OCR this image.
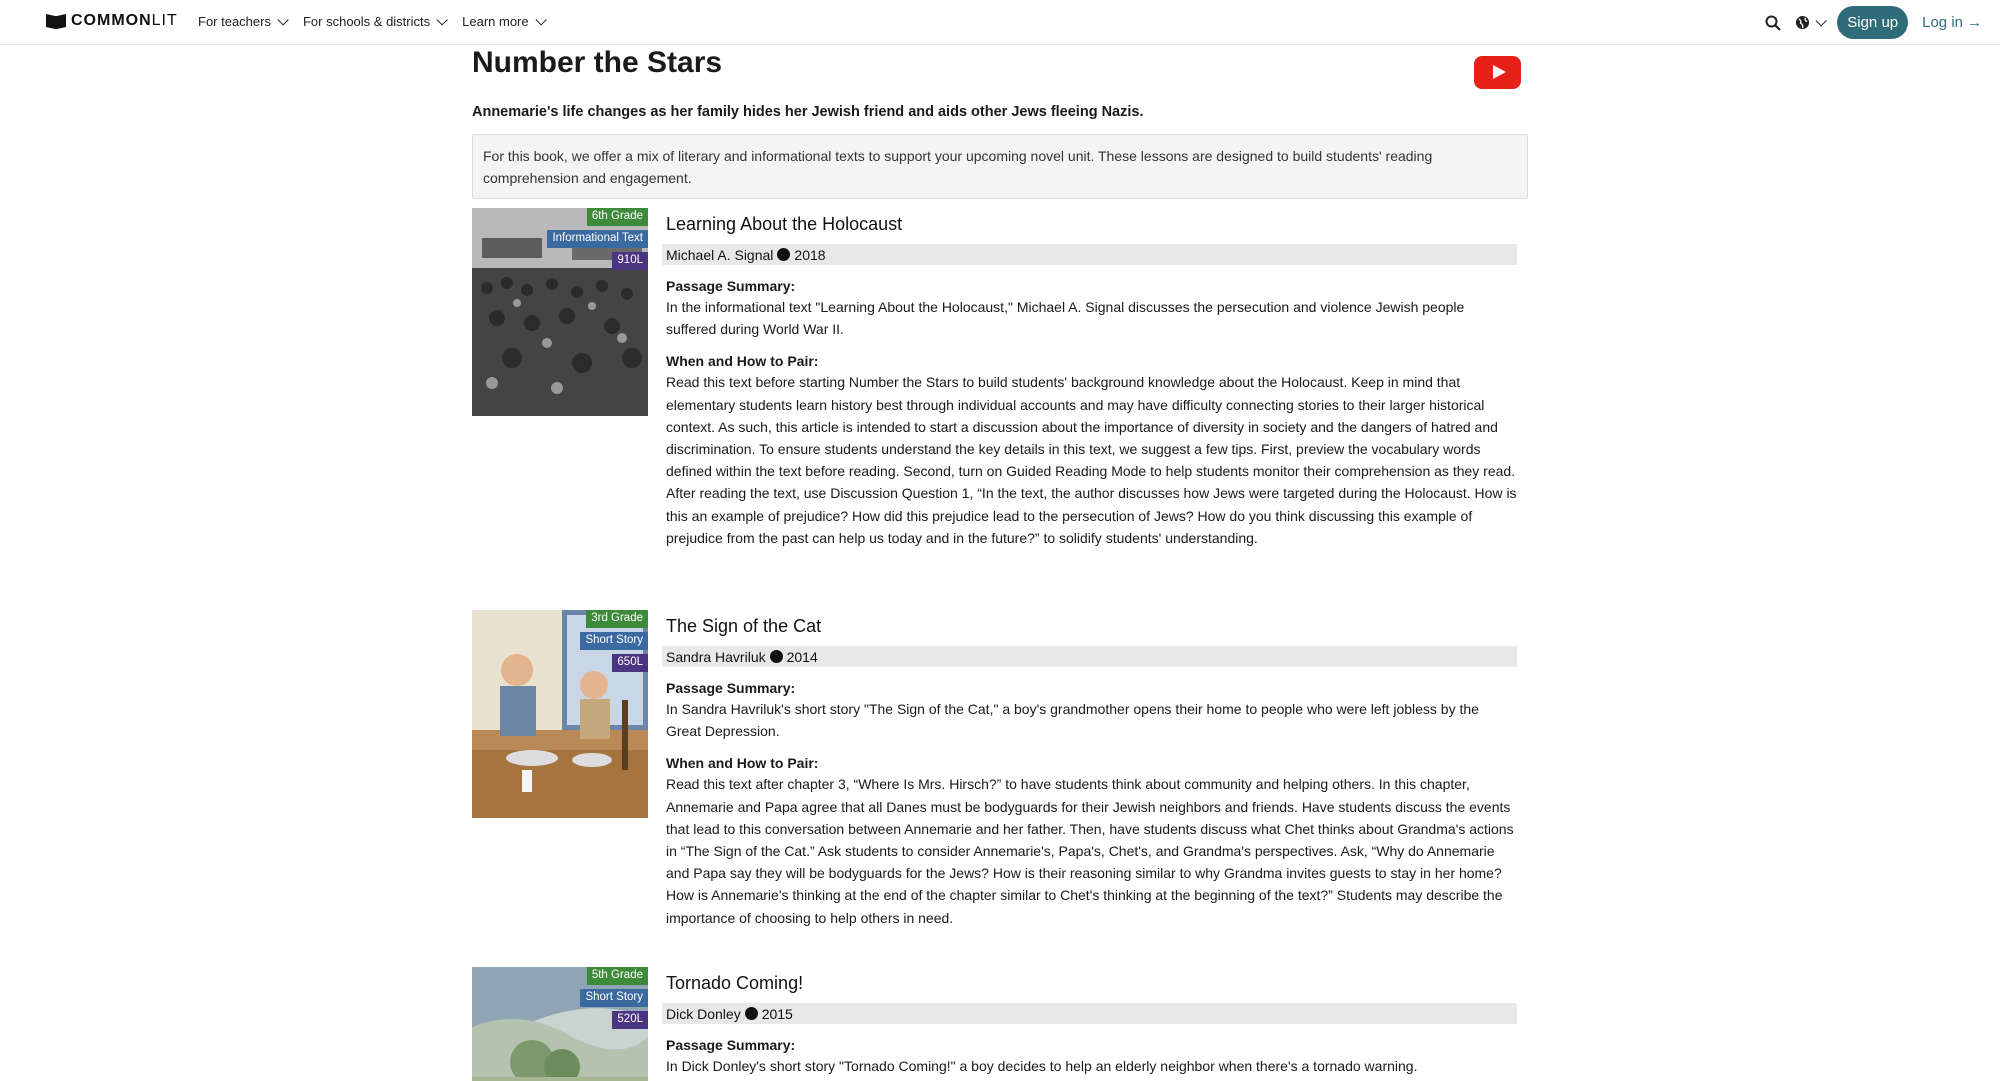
COMMONLIT For teachers For schools & districts Learn more	Sign up	Log in →
Number the Stars
Annemarie's life changes as her family hides her Jewish friend and aids other Jews fleeing Nazis.
For this book, we offer a mix of literary and informational texts to support your upcoming novel unit. These lessons are designed to build students' reading comprehension and engagement.
6th Grade
Informational Text
910L
Learning About the Holocaust
Michael A. Signal 2018
Passage Summary:
In the informational text "Learning About the Holocaust," Michael A. Signal discusses the persecution and violence Jewish people suffered during World War II.
When and How to Pair:
Read this text before starting Number the Stars to build students' background knowledge about the Holocaust. Keep in mind that elementary students learn history best through individual accounts and may have difficulty connecting stories to their larger historical context. As such, this article is intended to start a discussion about the importance of diversity in society and the dangers of hatred and discrimination. To ensure students understand the key details in this text, we suggest a few tips. First, preview the vocabulary words defined within the text before reading. Second, turn on Guided Reading Mode to help students monitor their comprehension as they read. After reading the text, use Discussion Question 1, “In the text, the author discusses how Jews were targeted during the Holocaust. How is this an example of prejudice? How did this prejudice lead to the persecution of Jews? How do you think discussing this example of prejudice from the past can help us today and in the future?” to solidify students' understanding.
3rd Grade
Short Story
650L
The Sign of the Cat
Sandra Havriluk 2014
Passage Summary:
In Sandra Havriluk's short story "The Sign of the Cat," a boy's grandmother opens their home to people who were left jobless by the Great Depression.
When and How to Pair:
Read this text after chapter 3, “Where Is Mrs. Hirsch?” to have students think about community and helping others. In this chapter, Annemarie and Papa agree that all Danes must be bodyguards for their Jewish neighbors and friends. Have students discuss the events that lead to this conversation between Annemarie and her father. Then, have students discuss what Chet thinks about Grandma's actions in “The Sign of the Cat.” Ask students to consider Annemarie's, Papa's, Chet's, and Grandma's perspectives. Ask, “Why do Annemarie and Papa say they will be bodyguards for the Jews? How is their reasoning similar to why Grandma invites guests to stay in her home? How is Annemarie's thinking at the end of the chapter similar to Chet's thinking at the beginning of the text?” Students may describe the importance of choosing to help others in need.
5th Grade
Short Story
520L
Tornado Coming!
Dick Donley 2015
Passage Summary:
In Dick Donley's short story "Tornado Coming!" a boy decides to help an elderly neighbor when there's a tornado warning.
